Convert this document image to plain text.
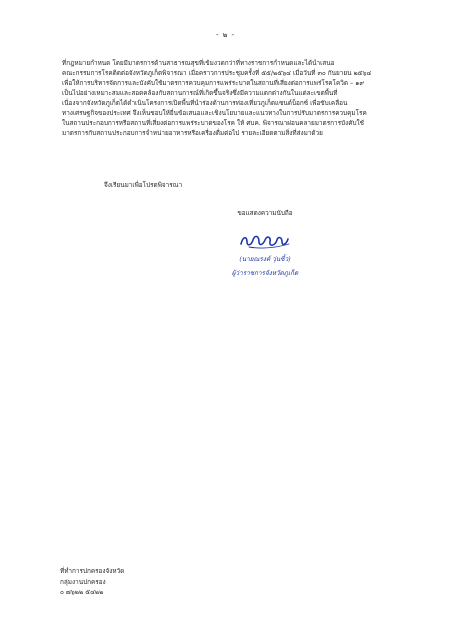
- ๒ -

ที่กฎหมายกำหนด โดยมีมาตรการด้านสาธารณสุขที่เข้มงวดกว่าที่ทางราชการกำหนดและได้นำเสนอ
คณะกรรมการโรคติดต่อจังหวัดภูเก็ตพิจารณา เมื่อคราวการประชุมครั้งที่ ๕๕/๒๕๖๔ เมื่อวันที่ ๓๐ กันยายน ๒๕๖๔
เพื่อให้การบริหารจัดการและบังคับใช้มาตรการควบคุมการแพร่ระบาดในสถานที่เสี่ยงต่อการแพร่โรคโควิด – ๑๙
เป็นไปอย่างเหมาะสมและสอดคล้องกับสถานการณ์ที่เกิดขึ้นจริงซึ่งมีความแตกต่างกันในแต่ละเขตพื้นที่
เนื่องจากจังหวัดภูเก็ตได้ดำเนินโครงการเปิดพื้นที่นำร่องด้านการท่องเที่ยวภูเก็ตแซนด์บ็อกซ์ เพื่อขับเคลื่อน
ทางเศรษฐกิจของประเทศ จึงเห็นชอบให้ยื่นข้อเสนอและเชิงนโยบายและแนวทางในการปรับมาตรการควบคุมโรค
ในสถานประกอบการหรือสถานที่เสี่ยงต่อการแพร่ระบาดของโรค ให้ ศบค. พิจารณาผ่อนคลายมาตรการบังคับใช้
มาตรการกับสถานประกอบการจำหน่ายอาหารหรือเครื่องดื่มต่อไป รายละเอียดตามสิ่งที่ส่งมาด้วย

จึงเรียนมาเพื่อโปรดพิจารณา

ขอแสดงความนับถือ

(นายณรงค์ วุ่นซิ้ว)

ผู้ว่าราชการจังหวัดภูเก็ต

ที่ทำการปกครองจังหวัด
กลุ่มงานปกครอง
๐ ๗๖๒๒ ๕๔๒๒
